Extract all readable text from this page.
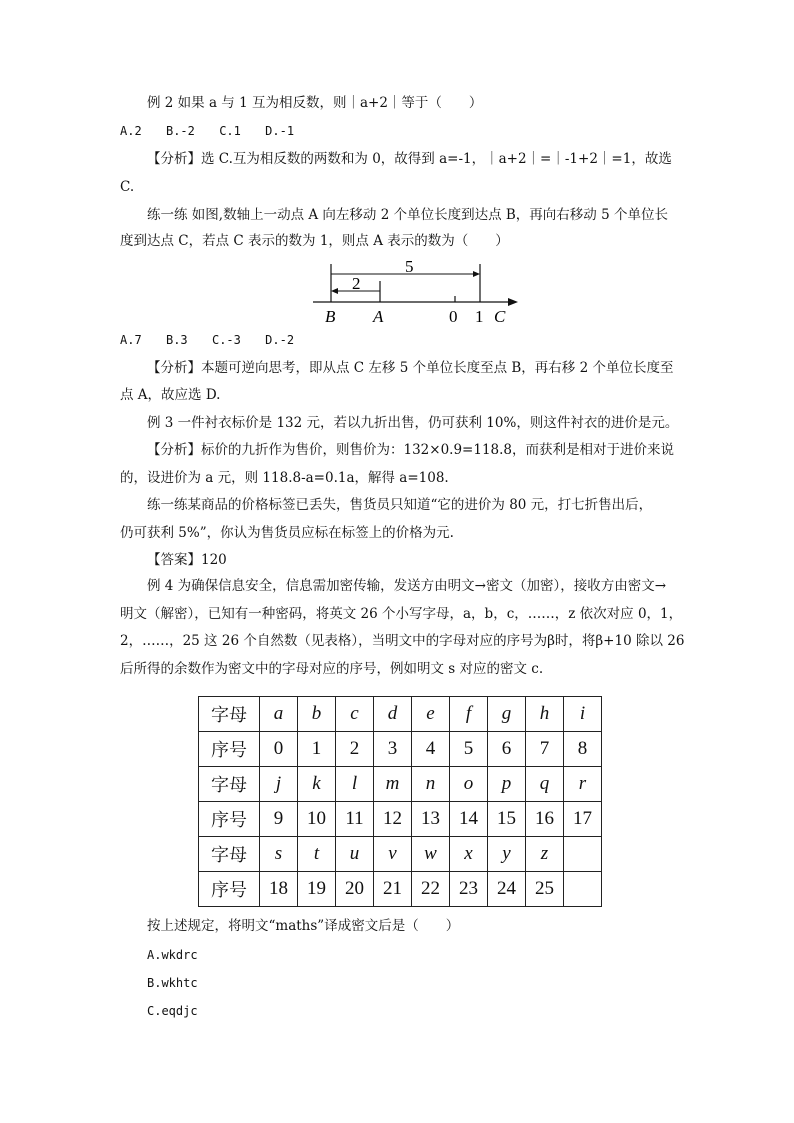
例 2 如果 a 与 1 互为相反数，则｜a+2｜等于（　　）
A.2 B.-2 C.1 D.-1
【分析】选 C.互为相反数的两数和为 0，故得到 a=-1，｜a+2｜=｜-1+2｜=1，故选
C.
练一练 如图,数轴上一动点 A 向左移动 2 个单位长度到达点 B，再向右移动 5 个单位长
度到达点 C，若点 C 表示的数为 1，则点 A 表示的数为（　　）
5
2
B A	0 1 C
A.7 B.3 C.-3 D.-2
【分析】本题可逆向思考，即从点 C 左移 5 个单位长度至点 B，再右移 2 个单位长度至
点 A，故应选 D.
例 3 一件衬衣标价是 132 元，若以九折出售，仍可获利 10%，则这件衬衣的进价是元。
【分析】标价的九折作为售价，则售价为：132×0.9=118.8，而获利是相对于进价来说
的，设进价为 a 元，则 118.8-a=0.1a，解得 a=108.
练一练某商品的价格标签已丢失，售货员只知道“它的进价为 80 元，打七折售出后，
仍可获利 5%”，你认为售货员应标在标签上的价格为元.
【答案】120
例 4 为确保信息安全，信息需加密传输，发送方由明文→密文（加密），接收方由密文→
明文（解密），已知有一种密码，将英文 26 个小写字母，a，b，c，……，z 依次对应 0，1，
2，……，25 这 26 个自然数（见表格），当明文中的字母对应的序号为β时，将β+10 除以 26
后所得的余数作为密文中的字母对应的序号，例如明文 s 对应的密文 c.
字母	a	b	c	d	e	f	g	h	i
序号	0	1	2	3	4	5	6	7	8
字母	j	k	l	m	n	o	p	q	r
序号	9	10	11	12	13	14	15	16	17
字母	s	t	u	v	w	x	y	z	
序号	18	19	20	21	22	23	24	25	
按上述规定，将明文“maths”译成密文后是（　　）
A.wkdrc
B.wkhtc
C.eqdjc
